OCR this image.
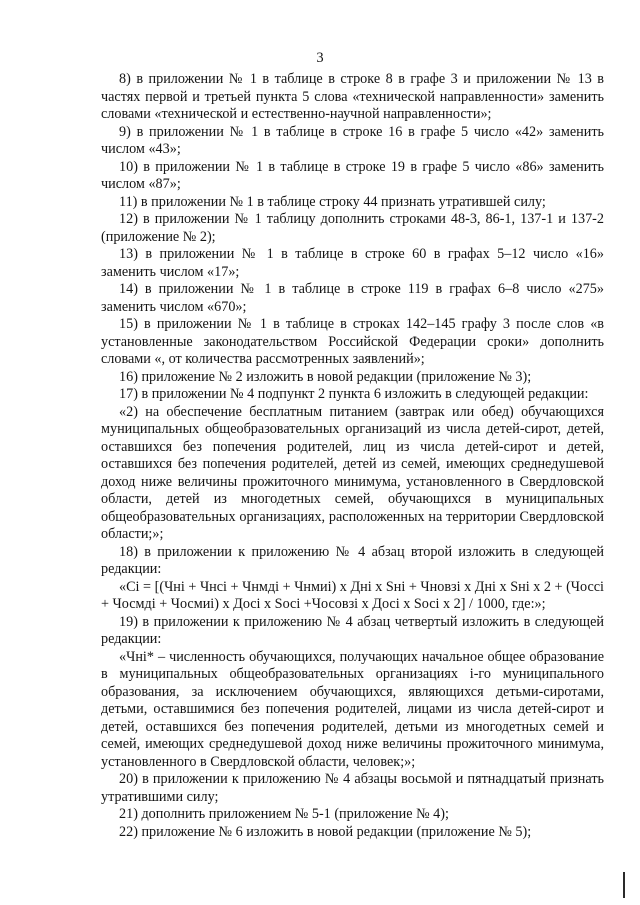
3

8) в приложении № 1 в таблице в строке 8 в графе 3 и приложении № 13 в частях первой и третьей пункта 5 слова «технической направленности» заменить словами «технической и естественно-научной направленности»;

9) в приложении № 1 в таблице в строке 16 в графе 5 число «42» заменить числом «43»;

10) в приложении № 1 в таблице в строке 19 в графе 5 число «86» заменить числом «87»;

11) в приложении № 1 в таблице строку 44 признать утратившей силу;

12) в приложении № 1 таблицу дополнить строками 48-3, 86-1, 137-1 и 137-2 (приложение № 2);

13) в приложении № 1 в таблице в строке 60 в графах 5–12 число «16» заменить числом «17»;

14) в приложении № 1 в таблице в строке 119 в графах 6–8 число «275» заменить числом «670»;

15) в приложении № 1 в таблице в строках 142–145 графу 3 после слов «в установленные законодательством Российской Федерации сроки» дополнить словами «, от количества рассмотренных заявлений»;

16) приложение № 2 изложить в новой редакции (приложение № 3);

17) в приложении № 4 подпункт 2 пункта 6 изложить в следующей редакции:

«2) на обеспечение бесплатным питанием (завтрак или обед) обучающихся муниципальных общеобразовательных организаций из числа детей-сирот, детей, оставшихся без попечения родителей, лиц из числа детей-сирот и детей, оставшихся без попечения родителей, детей из семей, имеющих среднедушевой доход ниже величины прожиточного минимума, установленного в Свердловской области, детей из многодетных семей, обучающихся в муниципальных общеобразовательных организациях, расположенных на территории Свердловской области;»;

18) в приложении к приложению № 4 абзац второй изложить в следующей редакции:

«Сi = [(Чнi + Чнсi + Чнмдi + Чнмиi) x Днi x Sнi + Чновзi x Днi x Sнi x 2 + (Чосci + Чосмдi + Чосмиi) x Досi x Sосi +Чосовзi x Досi x Sосi x 2] / 1000, где:»;

19) в приложении к приложению № 4 абзац четвертый изложить в следующей редакции:

«Чнi* – численность обучающихся, получающих начальное общее образование в муниципальных общеобразовательных организациях i-го муниципального образования, за исключением обучающихся, являющихся детьми-сиротами, детьми, оставшимися без попечения родителей, лицами из числа детей-сирот и детей, оставшихся без попечения родителей, детьми из многодетных семей и семей, имеющих среднедушевой доход ниже величины прожиточного минимума, установленного в Свердловской области, человек;»;

20) в приложении к приложению № 4 абзацы восьмой и пятнадцатый признать утратившими силу;

21) дополнить приложением № 5-1 (приложение № 4);

22) приложение № 6 изложить в новой редакции (приложение № 5);
